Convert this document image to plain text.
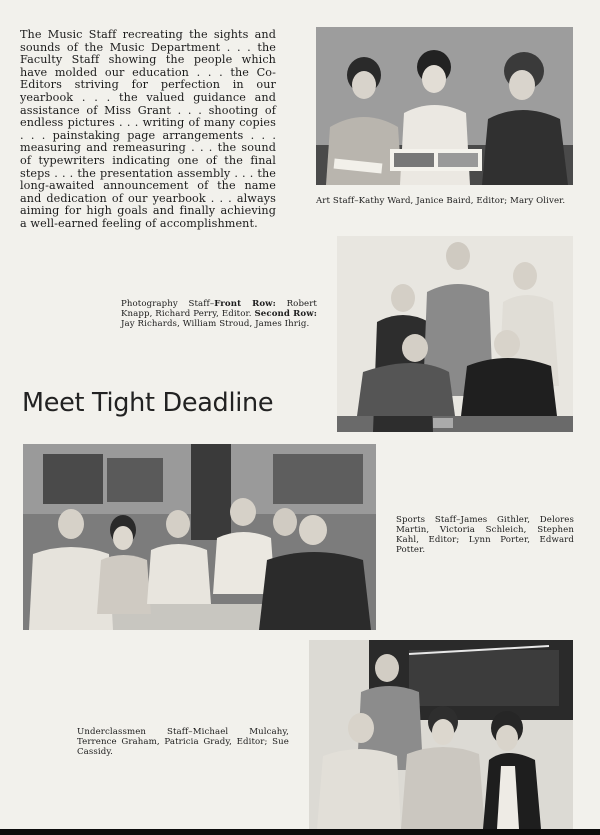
The Music Staff recreating the sights and sounds of the Music Department . . . the Faculty Staff showing the people which have molded our education . . . the Co-Editors striving for perfection in our yearbook . . . the valued guidance and assistance of Miss Grant . . . shooting of endless pictures . . . writing of many copies . . . painstaking page arrangements . . . measuring and remeasuring . . . the sound of typewriters indicating one of the final steps . . . the presentation assembly . . . the long-awaited announcement of the name and dedication of our yearbook . . . always aiming for high goals and finally achieving a well-earned feeling of accomplishment.

Art Staff–Kathy Ward, Janice Baird, Editor; Mary Oliver.

Photography Staff–Front Row: Robert Knapp, Richard Perry, Editor. Second Row: Jay Richards, William Stroud, James Ihrig.

Meet Tight Deadline

Sports Staff–James Githler, Delores Martin, Victoria Schleich, Stephen Kahl, Editor; Lynn Porter, Edward Potter.

Underclassmen Staff–Michael Mulcahy, Terrence Graham, Patricia Grady, Editor; Sue Cassidy.
